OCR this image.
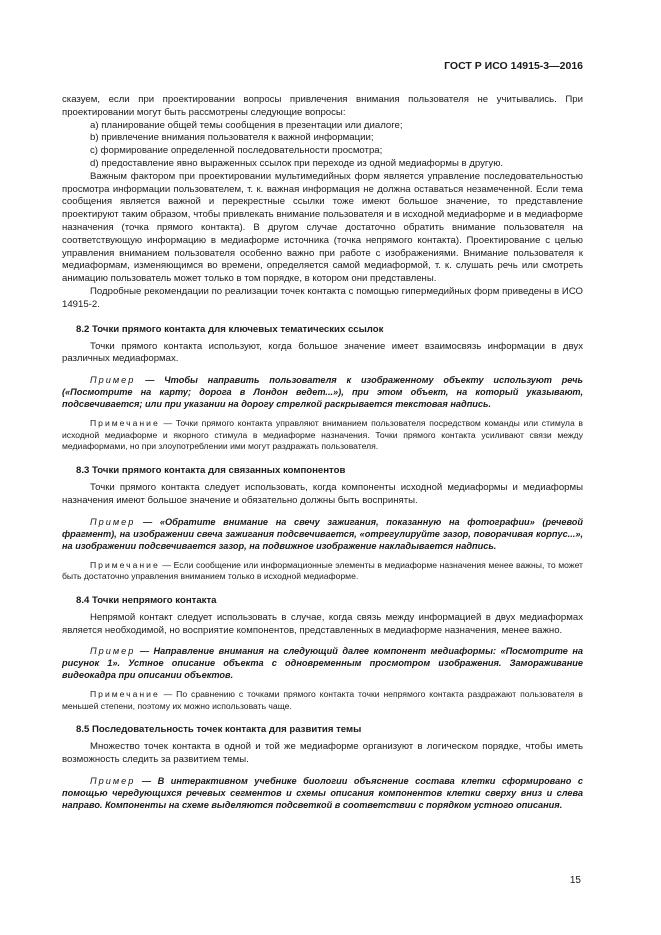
ГОСТ Р ИСО 14915-3—2016

сказуем, если при проектировании вопросы привлечения внимания пользователя не учитывались. При проектировании могут быть рассмотрены следующие вопросы:

a) планирование общей темы сообщения в презентации или диалоге;

b) привлечение внимания пользователя к важной информации;

c) формирование определенной последовательности просмотра;

d) предоставление явно выраженных ссылок при переходе из одной медиаформы в другую.

Важным фактором при проектировании мультимедийных форм является управление последовательностью просмотра информации пользователем, т. к. важная информация не должна оставаться незамеченной. Если тема сообщения является важной и перекрестные ссылки тоже имеют большое значение, то представление проектируют таким образом, чтобы привлекать внимание пользователя и в исходной медиаформе и в медиаформе назначения (точка прямого контакта). В другом случае достаточно обратить внимание пользователя на соответствующую информацию в медиаформе источника (точка непрямого контакта). Проектирование с целью управления вниманием пользователя особенно важно при работе с изображениями. Внимание пользователя к медиаформам, изменяющимся во времени, определяется самой медиаформой, т. к. слушать речь или смотреть анимацию пользователь может только в том порядке, в котором они представлены.

Подробные рекомендации по реализации точек контакта с помощью гипермедийных форм приведены в ИСО 14915-2.

8.2 Точки прямого контакта для ключевых тематических ссылок

Точки прямого контакта используют, когда большое значение имеет взаимосвязь информации в двух различных медиаформах.

Пример — Чтобы направить пользователя к изображенному объекту используют речь («Посмотрите на карту; дорога в Лондон ведет...»), при этом объект, на который указывают, подсвечивается; или при указании на дорогу стрелкой раскрывается текстовая надпись.

Примечание — Точки прямого контакта управляют вниманием пользователя посредством команды или стимула в исходной медиаформе и якорного стимула в медиаформе назначения. Точки прямого контакта усиливают связи между медиаформами, но при злоупотреблении ими могут раздражать пользователя.

8.3 Точки прямого контакта для связанных компонентов

Точки прямого контакта следует использовать, когда компоненты исходной медиаформы и медиаформы назначения имеют большое значение и обязательно должны быть восприняты.

Пример — «Обратите внимание на свечу зажигания, показанную на фотографии» (речевой фрагмент), на изображении свеча зажигания подсвечивается, «отрегулируйте зазор, поворачивая корпус...», на изображении подсвечивается зазор, на подвижное изображение накладывается надпись.

Примечание — Если сообщение или информационные элементы в медиаформе назначения менее важны, то может быть достаточно управления вниманием только в исходной медиаформе.

8.4 Точки непрямого контакта

Непрямой контакт следует использовать в случае, когда связь между информацией в двух медиаформах является необходимой, но восприятие компонентов, представленных в медиаформе назначения, менее важно.

Пример — Направление внимания на следующий далее компонент медиаформы: «Посмотрите на рисунок 1». Устное описание объекта с одновременным просмотром изображения. Замораживание видеокадра при описании объектов.

Примечание — По сравнению с точками прямого контакта точки непрямого контакта раздражают пользователя в меньшей степени, поэтому их можно использовать чаще.

8.5 Последовательность точек контакта для развития темы

Множество точек контакта в одной и той же медиаформе организуют в логическом порядке, чтобы иметь возможность следить за развитием темы.

Пример — В интерактивном учебнике биологии объяснение состава клетки сформировано с помощью чередующихся речевых сегментов и схемы описания компонентов клетки сверху вниз и слева направо. Компоненты на схеме выделяются подсветкой в соответствии с порядком устного описания.

15
